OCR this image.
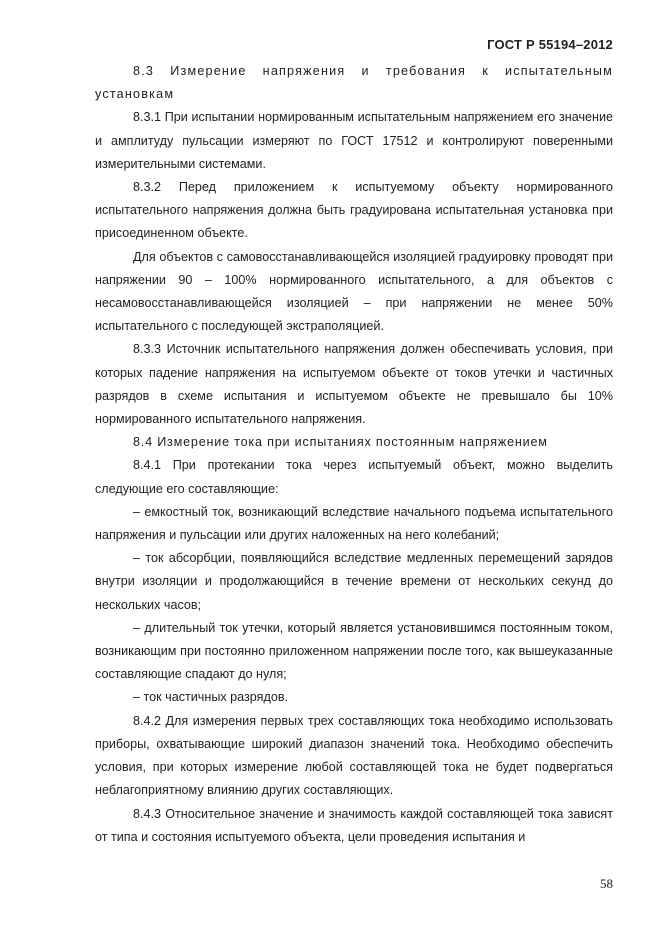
ГОСТ Р 55194–2012

8.3 Измерение напряжения и требования к испытательным установкам

8.3.1 При испытании нормированным испытательным напряжением его значение и амплитуду пульсации измеряют по ГОСТ 17512 и контролируют поверенными измерительными системами.

8.3.2 Перед приложением к испытуемому объекту нормированного испытательного напряжения должна быть градуирована испытательная установка при присоединенном объекте.

Для объектов с самовосстанавливающейся изоляцией градуировку проводят при напряжении 90 – 100% нормированного испытательного, а для объектов с несамовосстанавливающейся изоляцией – при напряжении не менее 50% испытательного с последующей экстраполяцией.

8.3.3 Источник испытательного напряжения должен обеспечивать условия, при которых падение напряжения на испытуемом объекте от токов утечки и частичных разрядов в схеме испытания и испытуемом объекте не превышало бы 10% нормированного испытательного напряжения.

8.4 Измерение тока при испытаниях постоянным напряжением

8.4.1 При протекании тока через испытуемый объект, можно выделить следующие его составляющие:

– емкостный ток, возникающий вследствие начального подъема испытательного напряжения и пульсации или других наложенных на него колебаний;

– ток абсорбции, появляющийся вследствие медленных перемещений зарядов внутри изоляции и продолжающийся в течение времени от нескольких секунд до нескольких часов;

– длительный ток утечки, который является установившимся постоянным током, возникающим при постоянно приложенном напряжении после того, как вышеуказанные составляющие спадают до нуля;

– ток частичных разрядов.

8.4.2 Для измерения первых трех составляющих тока необходимо использовать приборы, охватывающие широкий диапазон значений тока. Необходимо обеспечить условия, при которых измерение любой составляющей тока не будет подвергаться неблагоприятному влиянию других составляющих.

8.4.3 Относительное значение и значимость каждой составляющей тока зависят от типа и состояния испытуемого объекта, цели проведения испытания и

58
